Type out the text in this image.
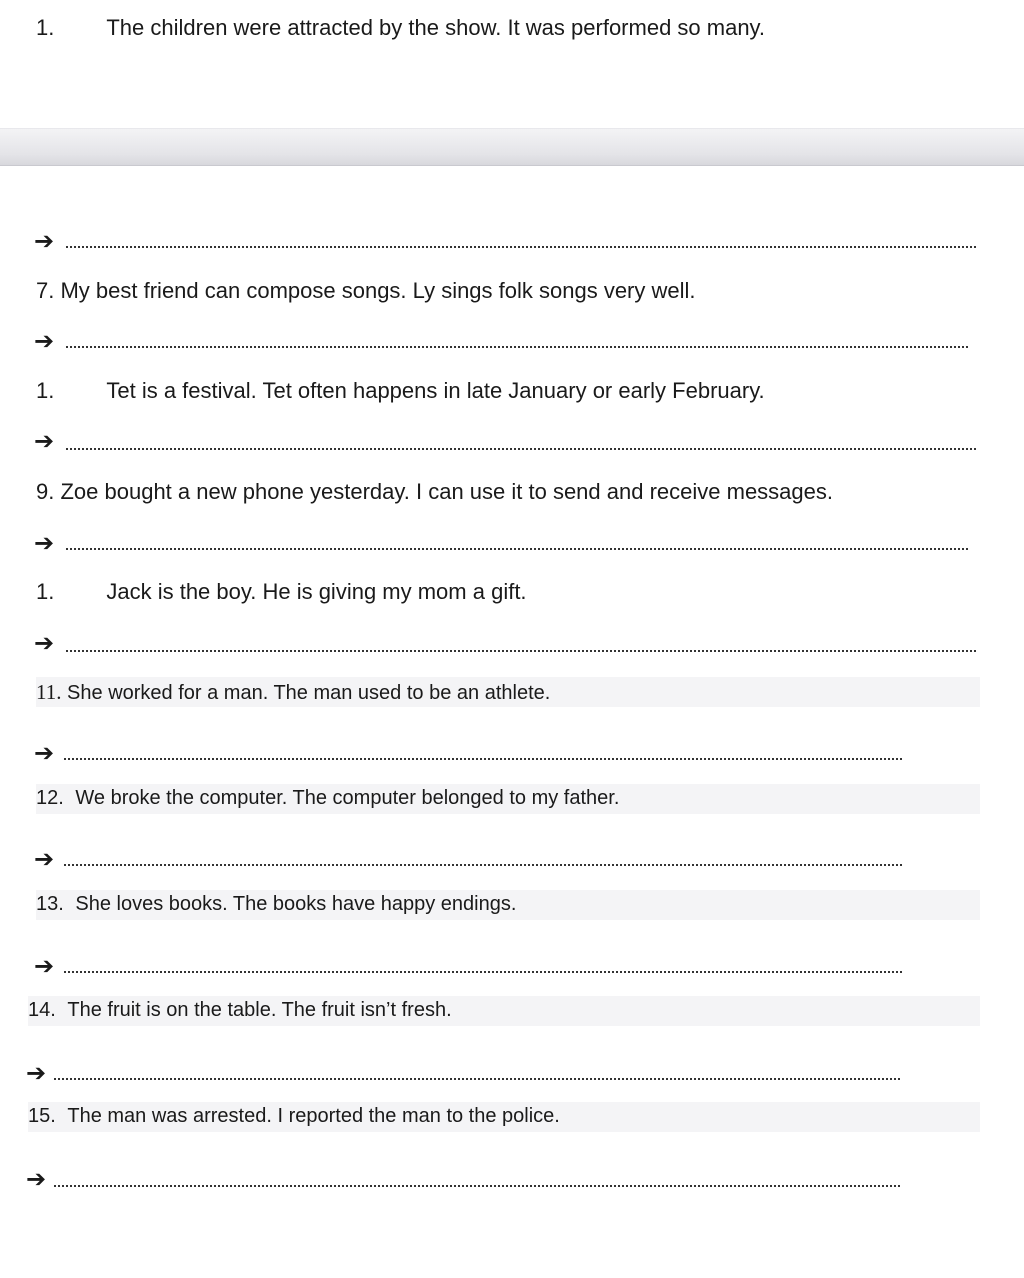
1. The children were attracted by the show. It was performed so many.
➔
7. My best friend can compose songs. Ly sings folk songs very well.
➔
1. Tet is a festival. Tet often happens in late January or early February.
➔
9. Zoe bought a new phone yesterday. I can use it to send and receive messages.
➔
1. Jack is the boy. He is giving my mom a gift.
➔
11. She worked for a man. The man used to be an athlete.
➔
12. We broke the computer. The computer belonged to my father.
➔
13. She loves books. The books have happy endings.
➔
14. The fruit is on the table. The fruit isn’t fresh.
➔
15. The man was arrested. I reported the man to the police.
➔
